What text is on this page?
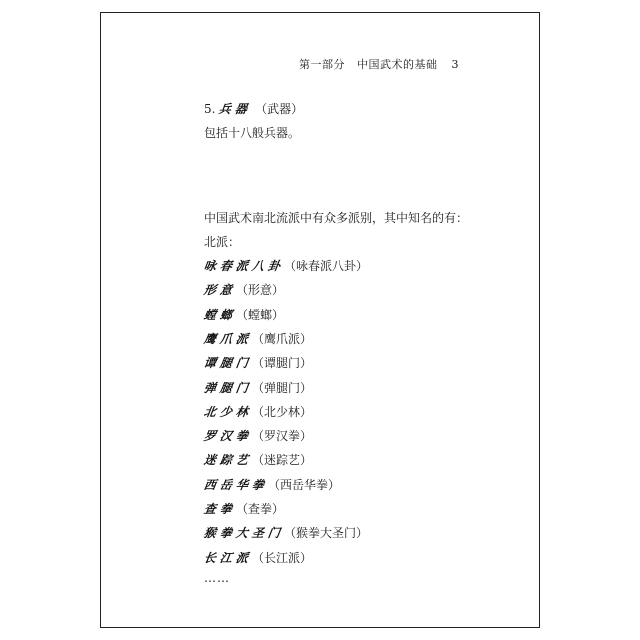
第一部分 中国武术的基础 3
5. 兵器 （武器）
包括十八般兵器。
中国武术南北流派中有众多派别，其中知名的有：
北派：
咏春派八卦（咏春派八卦）
形意（形意）
螳螂（螳螂）
鹰爪派（鹰爪派）
谭腿门（谭腿门）
弹腿门（弹腿门）
北少林（北少林）
罗汉拳（罗汉拳）
迷踪艺（迷踪艺）
西岳华拳（西岳华拳）
查拳（查拳）
猴拳大圣门（猴拳大圣门）
长江派（长江派）
……
